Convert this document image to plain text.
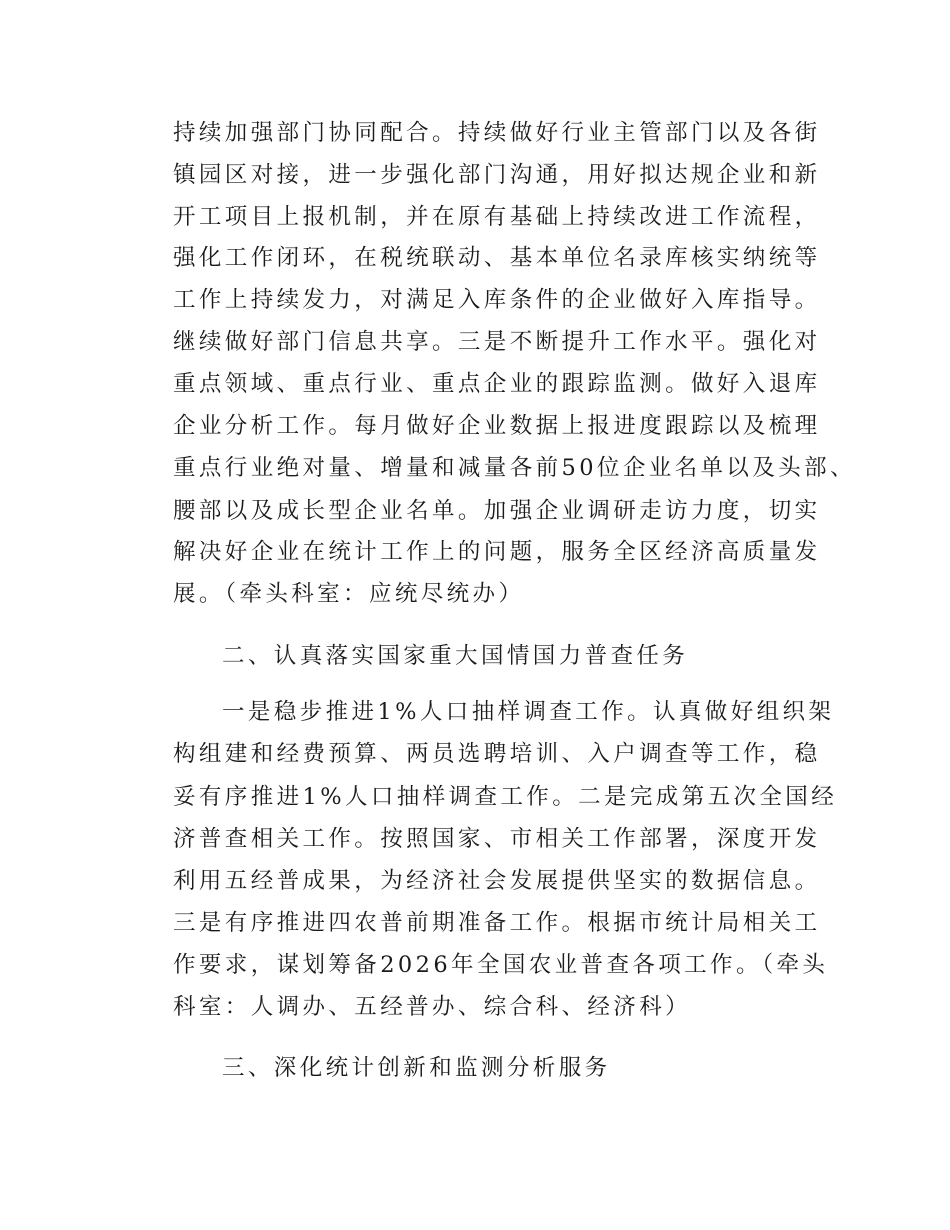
持续加强部门协同配合。持续做好行业主管部门以及各街

镇园区对接，进一步强化部门沟通，用好拟达规企业和新

开工项目上报机制，并在原有基础上持续改进工作流程，

强化工作闭环，在税统联动、基本单位名录库核实纳统等

工作上持续发力，对满足入库条件的企业做好入库指导。

继续做好部门信息共享。三是不断提升工作水平。强化对

重点领域、重点行业、重点企业的跟踪监测。做好入退库

企业分析工作。每月做好企业数据上报进度跟踪以及梳理

重点行业绝对量、增量和减量各前50位企业名单以及头部、

腰部以及成长型企业名单。加强企业调研走访力度，切实

解决好企业在统计工作上的问题，服务全区经济高质量发

展。（牵头科室：应统尽统办）

二、认真落实国家重大国情国力普查任务

一是稳步推进1%人口抽样调查工作。认真做好组织架

构组建和经费预算、两员选聘培训、入户调查等工作，稳

妥有序推进1%人口抽样调查工作。二是完成第五次全国经

济普查相关工作。按照国家、市相关工作部署，深度开发

利用五经普成果，为经济社会发展提供坚实的数据信息。

三是有序推进四农普前期准备工作。根据市统计局相关工

作要求，谋划筹备2026年全国农业普查各项工作。（牵头

科室：人调办、五经普办、综合科、经济科）

三、深化统计创新和监测分析服务
